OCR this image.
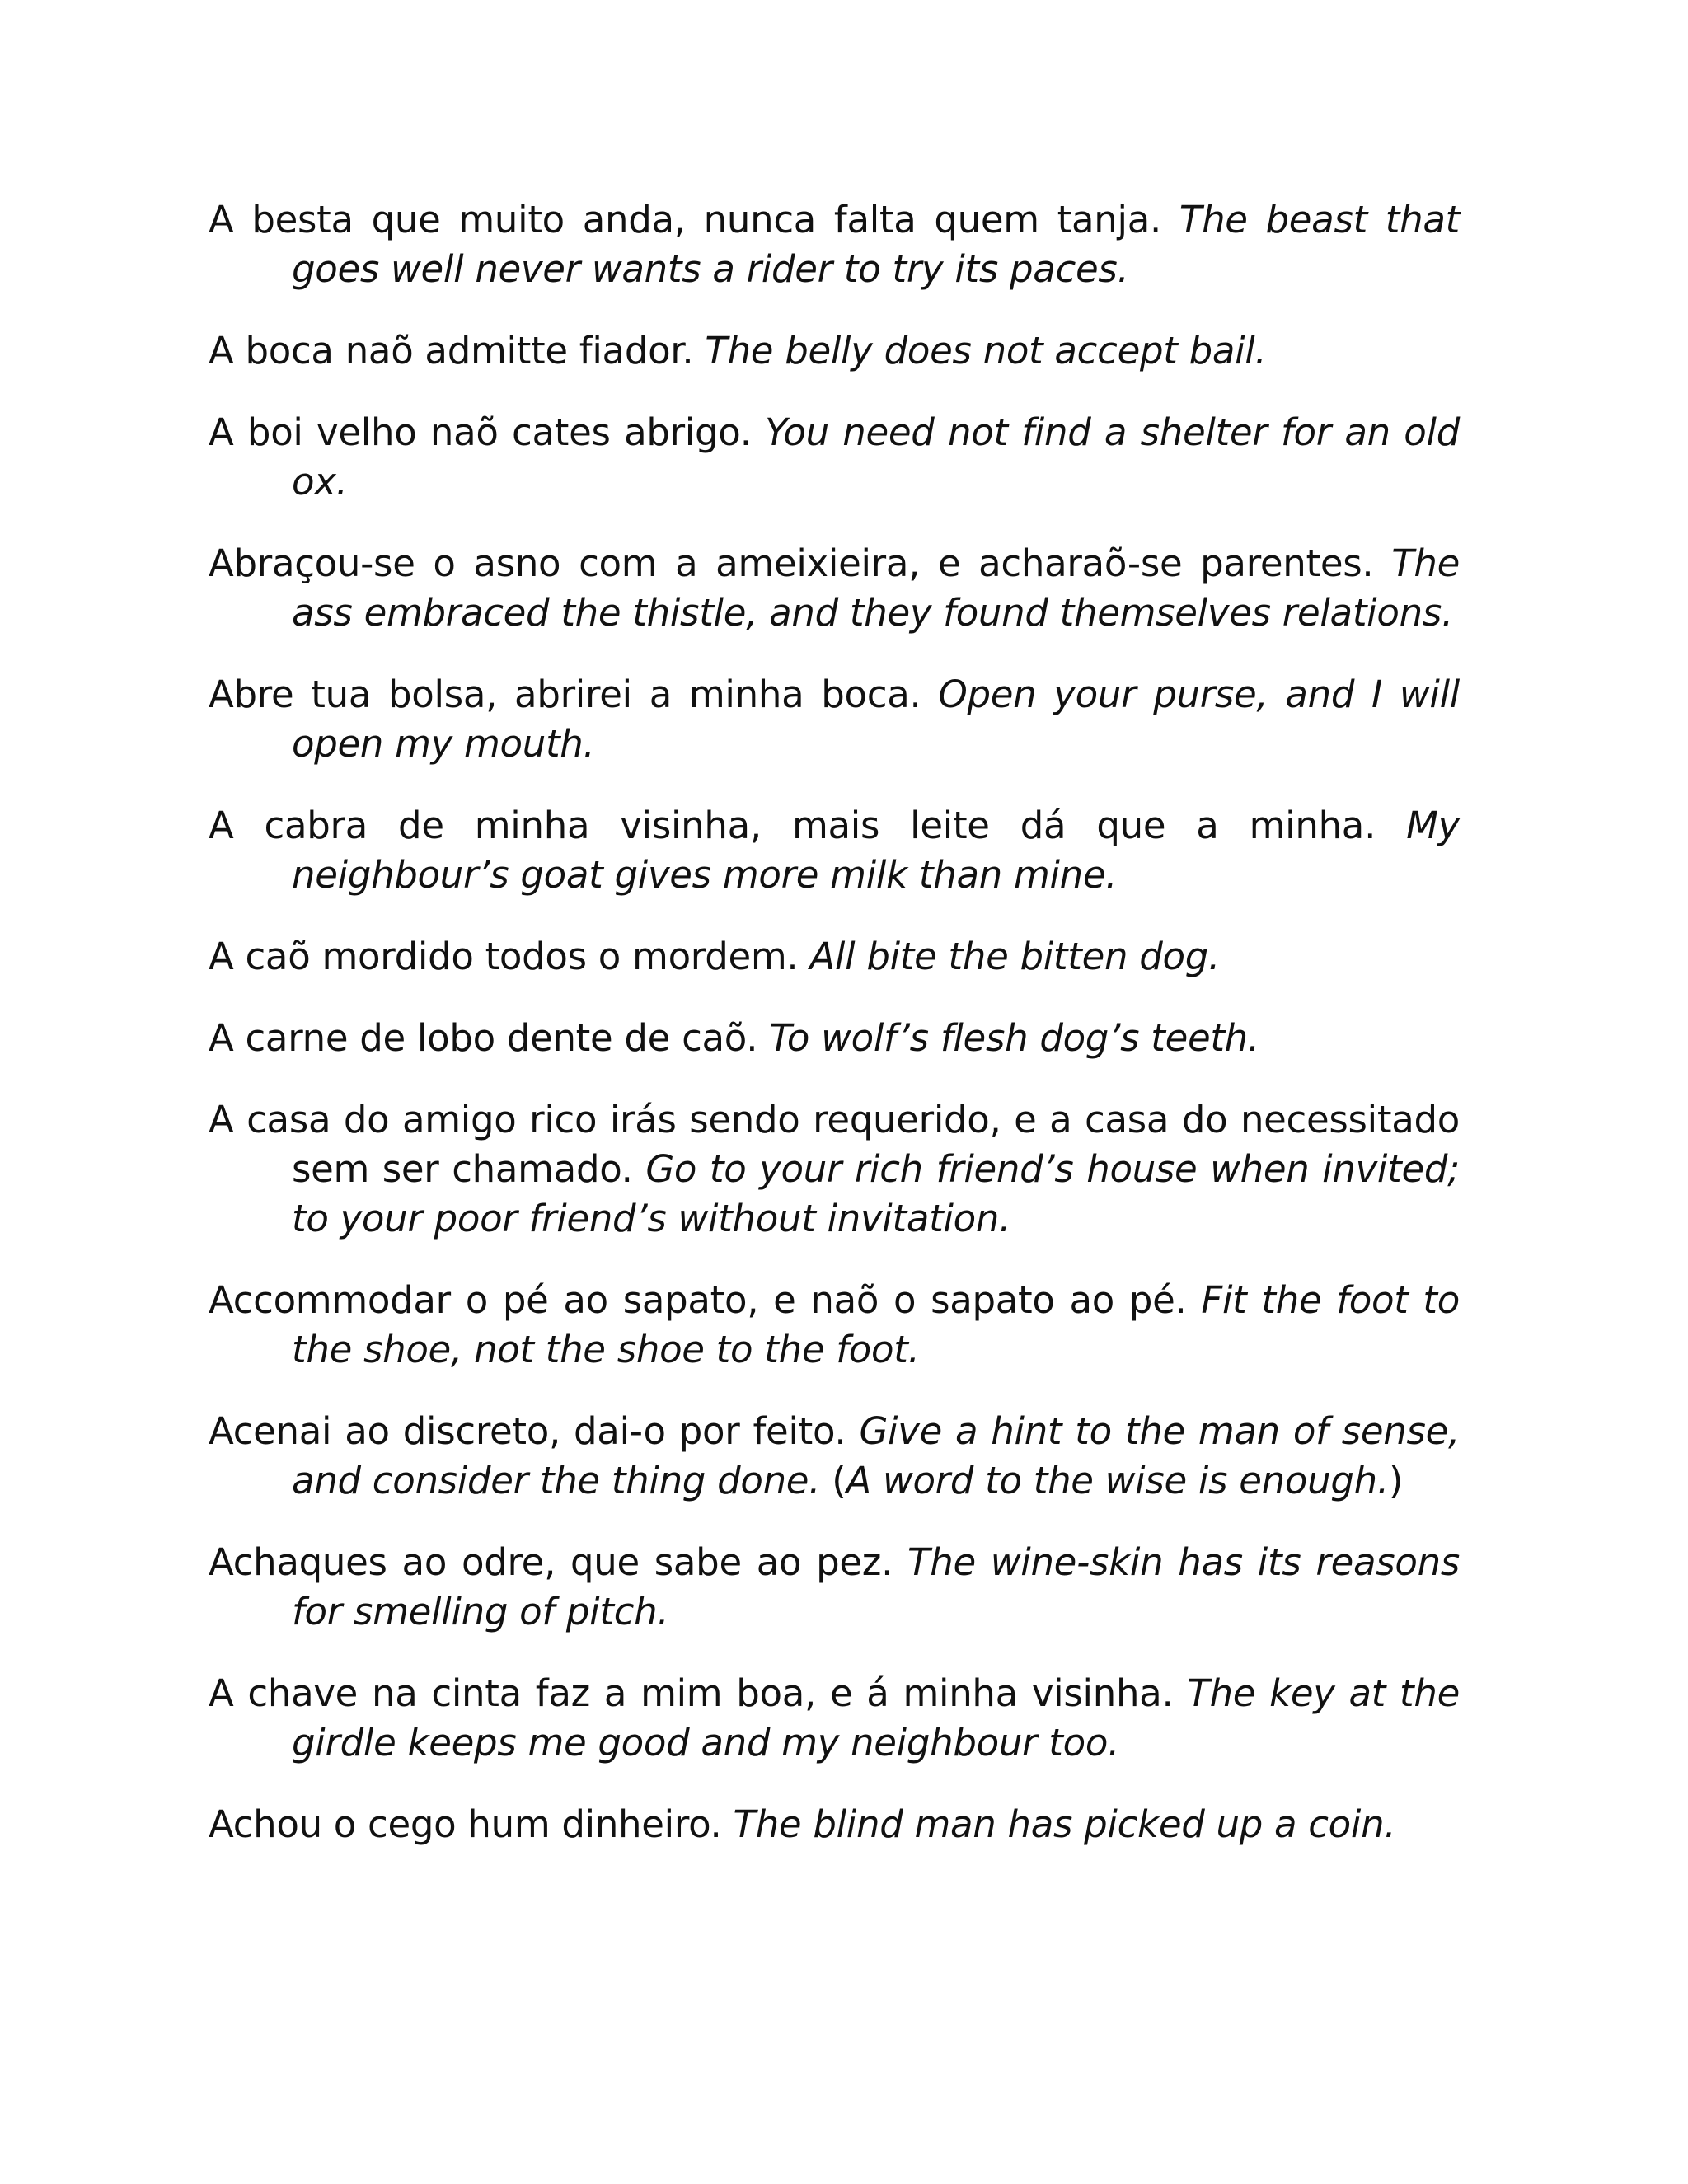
A besta que muito anda, nunca falta quem tanja. The beast that goes well never wants a rider to try its paces.

A boca naõ admitte fiador. The belly does not accept bail.

A boi velho naõ cates abrigo. You need not find a shelter for an old ox.

Abraçou-se o asno com a ameixieira, e acharaõ-se parentes. The ass embraced the thistle, and they found themselves relations.

Abre tua bolsa, abrirei a minha boca. Open your purse, and I will open my mouth.

A cabra de minha visinha, mais leite dá que a minha. My neighbour’s goat gives more milk than mine.

A caõ mordido todos o mordem. All bite the bitten dog.

A carne de lobo dente de caõ. To wolf’s flesh dog’s teeth.

A casa do amigo rico irás sendo requerido, e a casa do necessitado sem ser chamado. Go to your rich friend’s house when invited; to your poor friend’s without invitation.

Accommodar o pé ao sapato, e naõ o sapato ao pé. Fit the foot to the shoe, not the shoe to the foot.

Acenai ao discreto, dai-o por feito. Give a hint to the man of sense, and consider the thing done. (A word to the wise is enough.)

Achaques ao odre, que sabe ao pez. The wine-skin has its reasons for smelling of pitch.

A chave na cinta faz a mim boa, e á minha visinha. The key at the girdle keeps me good and my neighbour too.

Achou o cego hum dinheiro. The blind man has picked up a coin.
